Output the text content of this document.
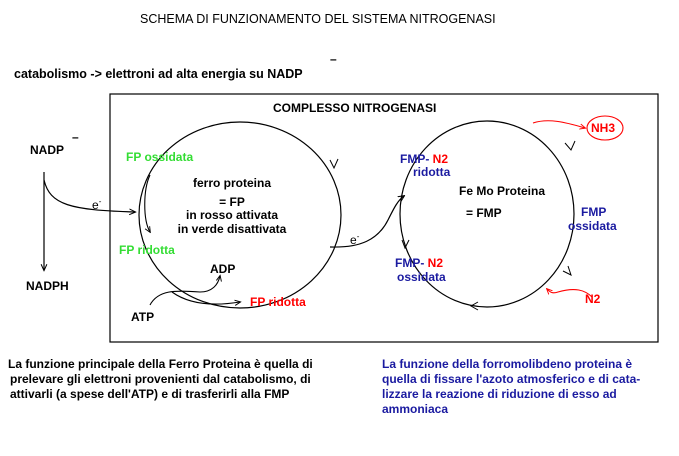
SCHEMA DI FUNZIONAMENTO DEL SISTEMA NITROGENASI
catabolismo -> elettroni ad alta energia su NADP
–
COMPLESSO NITROGENASI
NADP
–
NADPH
e-
e-
FP ossidata
FP ridotta
FP ridotta
ferro proteina
= FP
in rosso attivata
in verde disattivata
ADP
ATP
FMP- N2
ridotta
FMP- N2
ossidata
FMP
ossidata
Fe Mo Proteina
= FMP
NH3
N2
La funzione principale della Ferro Proteina è quella di
prelevare gli elettroni provenienti dal catabolismo, di
attivarli (a spese dell'ATP) e di trasferirli alla FMP
La funzione della forromolibdeno proteina è
quella di fissare l'azoto atmosferico e di cata-
lizzare la reazione di riduzione di esso ad
ammoniaca
